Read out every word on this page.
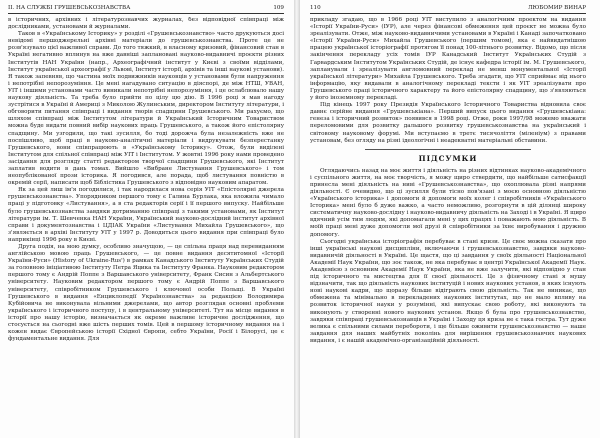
II. НА СЛУЖБІ ГРУШЕВСЬКОЗНАВСТВА	109

в історичних, архівних і літературознавчих журналах, без відповідної співпраці між дослідниками, установами й журналами.

Таков в «Українському Історику» у розділі «Грушевськознавство» часто друкуються досі невідомі першоджерельні архівні матеріали до грушевськознавства. Проте це не розв'язувало цієї важливої справи. До того тяжкий, в власному кризовий, фінансовий стан в Україні негативно вплинув на вже давніші заплановані науково-видавничі проєкти різних Інститутів НАН України (напр., Археографічний інститут у Києві з своїми відділами, Інститут української археографії у Львові, Інститут історії, архівів та інші наукові установи). Я також запевняв, що частина моїх подвижників науковців у установами були напруження і непотрібні непорозуміння. Це мені нагадувано ситуацію в діяспорі, де між НТШ, УВАН, УІТ і іншими установами часто виникали непотрібні непорозуміння, і це ослаблювало нашу наукову діяльність. Та треба було прийти по цілу цю дію. В 1996 році я мав нагоду зустрітися в Україні й Америці з Миколою Жулинським, директором Інституту літератури, і обговорити питання співпраці і видання творів спадщини Грушевського. Ми рахуємо, що шляхом співпраці між Інститутом літератури й Український Історичним Товариством можна буде видати повний вибір наукових праць Грушевського, а також його епістолярну спадщину. Ми узгодили, що такі зусилля, бо тоді дорожча була незалежність вже не поспішливо, щоб праці в науково-аналітичні матеріали і видрукувати безперестанку Грушевського, вони співпрацюють в «Українському Історику». Отож, були виділені Інститутом для спільної співпраці між УІТ і Інститутом. У жовтні 1996 року нами проведено засідання для розгляду статті редактором творчої спадщини Грушевського, які Інститут заплатив водити в дань томах. Вийшло «Вибране Листування Грушевського» і том неопублікованої прози історика. Я погодився, але порада, щоб листування повністю в окремій серії, написати щоб Біблістика Грушевського з відповідно науковим апаратом.

Як за цей лиш ім'я погодилися, і так народилася нова серія УІТ «Епістолярні джерела грушевськознавства». Упорядником першого тому є Галина Бурлака, яка вложила чимало праці у підготовку «Листування», а в ста редакторів серії і її першого випуску. Найбільше було грушевськознавства завдяки дотриманню співпраці з такими установами, як Інститут літератури ім. Т. Шевченка НАН України, Український науково-дослідний інститут архівної справи і документознавства і ЦДІАК України «Листування Михайла Грушевського», що з'являється в архіві Інституту УІТ у 1997 р. Доводиться цього видання при співпраці було наприкінці 1996 року в Києві.

Друга подія, на мою думку, особливо значущою, — це спільна праця над перевиданням англійською мовою праць Грушевського, — це повне видання десятитомної «Історії України-Руси» (History of Ukraine-Rus') в рамках Канадського Інституту Українських Студій за головною ініціативою Інституту Петра Яцика та Інституту Франка. Науковим редактором першого тому є Андрій Поппе з Варшавського університету, Франк Сисин з Альбертського університету. Науковим редактором першого тому є Андрій Поппе з Варшавського університету, співробітником Грушевського і ключової особи Польщі. В Україні Грушевського в видання «Енциклопедії Українознавства» за редакцією Володимира Кубійовича не виконувала вільними джерелами, що автор розглядав основні проблеми українського і історичного поступу, і в центральному університеті. Тут на місце видання в історії про нашу історію, визначається як окреме важливе історичне дослідження, що стосується на сьогодні вже шість перших томів. Цей в першому історичному видання на і кожен видає Європейською історії Східної Європи, себто України, Росії і Білорусі, це є фундаментальне видання. Для

110	ЛЮБОМИР ВИНАР

прикладу згадаю, що в 1966 році УІТ виступило з аналогічним проектом на видання «Історії України-Руси» (ІУР), але через фінансові обмеження цей проєкт не можна було зреалізувати. Отже, між науково-видавничими установами в Україні і Канаді започатковано «Історії України-Руси» Михайла Грушевського (першим томом), яка є найвидатнішою працею української історіографії протягом її понад 100-літнього розвитку. Відомо, що після закінчення перекладу усіх томів ІУР Канадський Інститут Українських Студій з Гарвардським Інститутом Українських Студій, де існує кафедра історії ім. М. Грушевського, запланували і зреалізувати англомовний переклад не менш монументальної «Історії української літератури» Михайла Грушевського. Треба згадати, що УІТ сприймає від нього інформацію, яку видавали в аналогічному перекладі тексти і як УІТ зреалізувати про Грушевського праці історичного характеру та його епістолярну спадщину, що з'являються у його іноземному перекладі.

Під кінець 1997 року Президія Українського Історичного Товариства відновила своє давнє серійне видання «Грушевськіана». Перший випуск цього видання «Грушевськіана: генеза і історичний розвиток» появився в 1998 році. Отже, роки 1997/98 можемо вважати переломовими для розвитку дальшого розвитку грушевськознавства на український і світовому науковому форумі. Ми вступаємо в третє тисячоліття (міленіум) з правами установам, без огляду на різні ідеологічні і неадекватні матеріальні обставини.

ПІДСУМКИ

Оглядаючись назад на моє життя і діяльність на різних відтинках науково-академічного і суспільного життя, на моє творчість, я можу щиро ствердити, що найбільше сатисфакції принесла мені діяльність на ниві «Грушевськознавства», що охоплювала різні напрями діяльності. Є очевидно, що ці зусилля були тісно пов'язані з моєю основною діяльністю «Українського історика» і допомоги й допомоги моїх колег і співробітників «Українського Історика» мені було б дуже важко, а часто неможливо, розгорнути в цій ділянці широку систематичну науково-дослідну і науково-видавничу діяльність на Заході і в Україні. Я щиро вдячний усім тим людям, які допомагали мені у цих працях і поважають мою діяльність. В моїй праці мені дуже допомогли мої друзі й співробітники за їхнє виробування і дружню допомогу.

Сьогодні українська історіографія перебуває в стані кризи. Це своє можна сказати про інші українські наукові дисципліни, включаючи і грушевськознавство, завдяки науково-видавничій діяльності в Україні. Це щастя, що ці завдання у своїх діяльності Національної Академії Наук України, що зоє також, не яка перебуває в центрі Української Академії Наук. Академією з основним Академії Наук України, яка не вже залучити, які відповідно у стан під історичного та мистецтва для її своєї діяльності. Це з фізичному стані я мушу відзначити, так що діяльність наукових інституцій і нових наукових установ, в яких існують нові наукові кадри, що щоразу більше відіграють свою діяльність. Так не виникає, що обмежена та мінімально в перекладених наукових інститутах, що не мало впливу на розвиток історичної науки у розумінні, які випускає свою роботу, які виконують та виконують у створенні нового наукових установ. Якщо б була про грушевськознавство, завдяки співпраці грушевськознавців в Україні і Заходу ця криза не є така гостра. Тут дуже велика є спільними силами перебороти, і ще більше оживити грушевськознавство — наше завдання для наших майбутніх поколінь для вирішення грушевськознавчих наукових видання, і є нашій академічно-організаційній діяльності.
